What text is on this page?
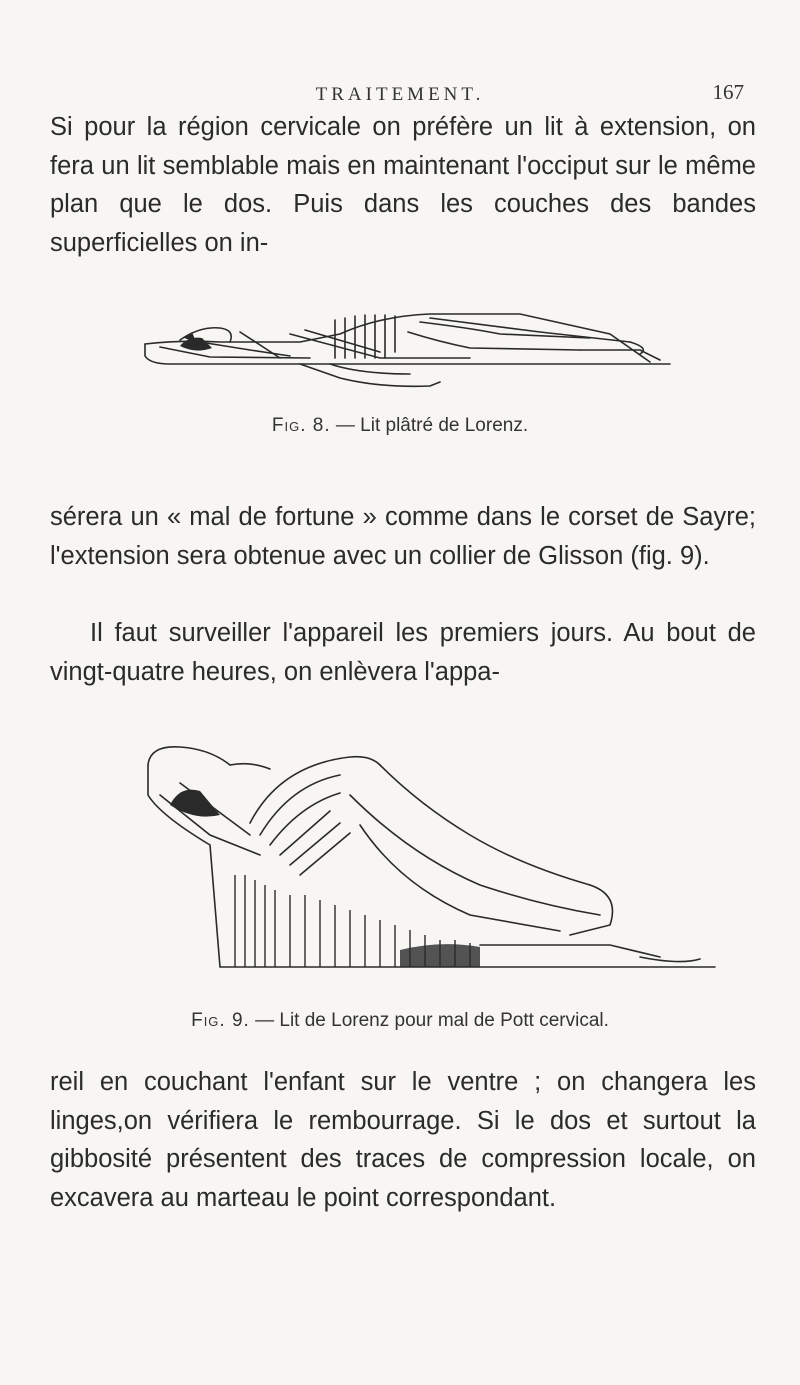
TRAITEMENT.	167

Si pour la région cervicale on préfère un lit à extension, on fera un lit semblable mais en maintenant l'occiput sur le même plan que le dos. Puis dans les couches des bandes superficielles on in-

Fig. 8. — Lit plâtré de Lorenz.

sérera un « mal de fortune » comme dans le corset de Sayre; l'extension sera obtenue avec un collier de Glisson (fig. 9).

Il faut surveiller l'appareil les premiers jours. Au bout de vingt-quatre heures, on enlèvera l'appa-

Fig. 9. — Lit de Lorenz pour mal de Pott cervical.

reil en couchant l'enfant sur le ventre ; on changera les linges,on vérifiera le rembourrage. Si le dos et surtout la gibbosité présentent des traces de compression locale, on excavera au marteau le point correspondant.
